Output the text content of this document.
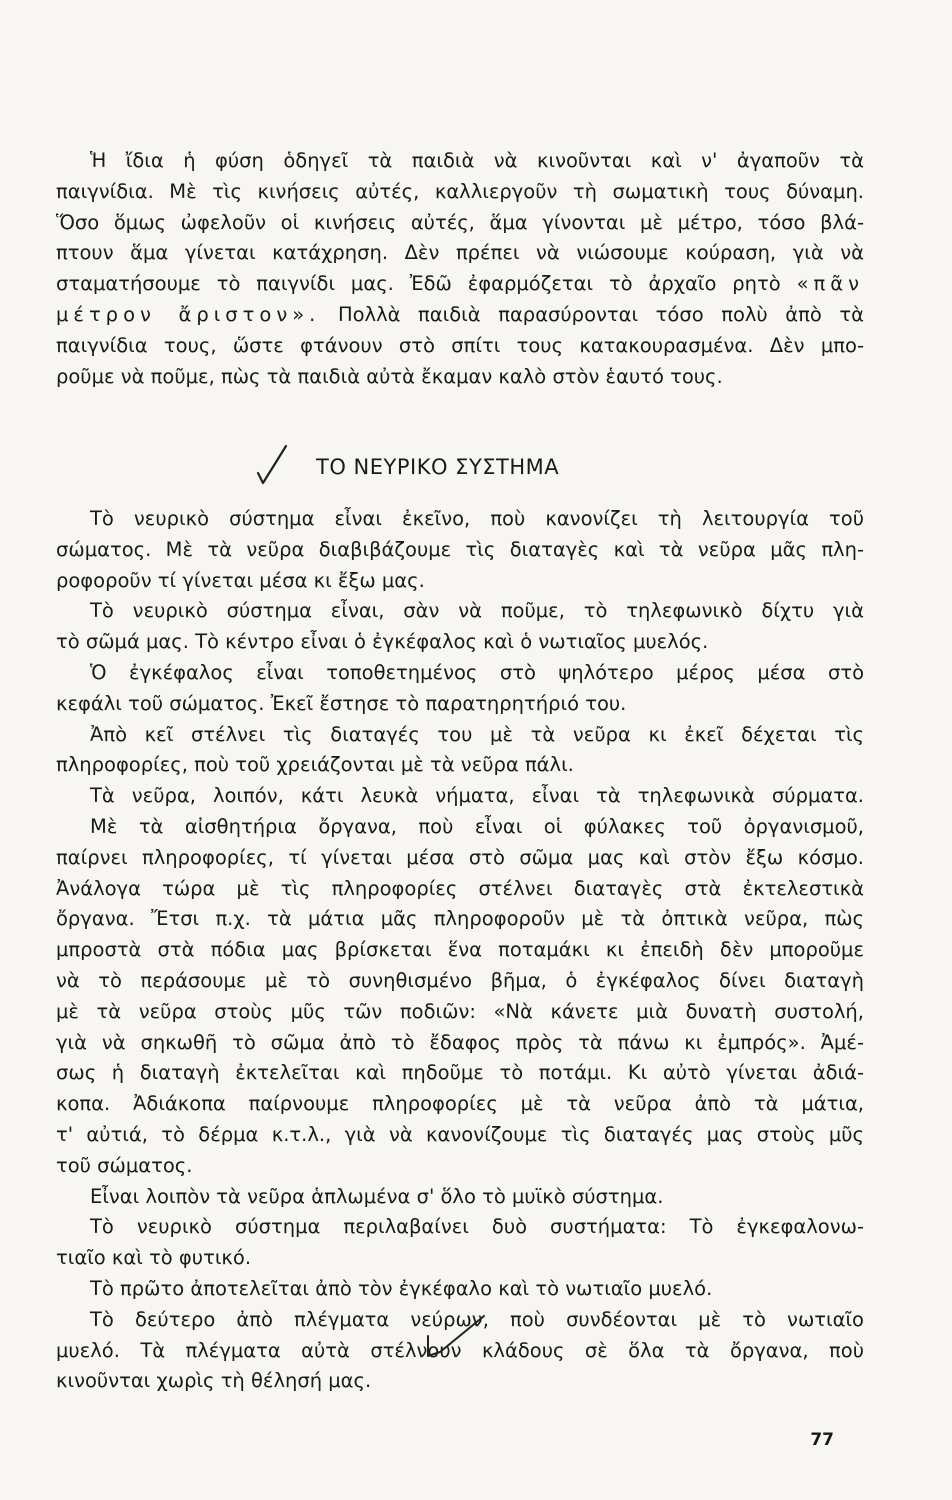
Ἡ ἴδια ἡ φύση ὁδηγεῖ τὰ παιδιὰ νὰ κινοῦνται καὶ ν' ἀγαποῦν τὰ
παιγνίδια. Μὲ τὶς κινήσεις αὐτές, καλλιεργοῦν τὴ σωματικὴ τους δύναμη.
Ὅσο ὅμως ὠφελοῦν οἱ κινήσεις αὐτές, ἅμα γίνονται μὲ μέτρο, τόσο βλά-
πτουν ἅμα γίνεται κατάχρηση. Δὲν πρέπει νὰ νιώσουμε κούραση, γιὰ νὰ
σταματήσουμε τὸ παιγνίδι μας. Ἐδῶ ἐφαρμόζεται τὸ ἀρχαῖο ρητὸ «πᾶν
μέτρον ἄριστον». Πολλὰ παιδιὰ παρασύρονται τόσο πολὺ ἀπὸ τὰ
παιγνίδια τους, ὥστε φτάνουν στὸ σπίτι τους κατακουρασμένα. Δὲν μπο-
ροῦμε νὰ ποῦμε, πὼς τὰ παιδιὰ αὐτὰ ἔκαμαν καλὸ στὸν ἑαυτό τους.
ΤΟ ΝΕΥΡΙΚΟ ΣΥΣΤΗΜΑ
Τὸ νευρικὸ σύστημα εἶναι ἐκεῖνο, ποὺ κανονίζει τὴ λειτουργία τοῦ
σώματος. Μὲ τὰ νεῦρα διαβιβάζουμε τὶς διαταγὲς καὶ τὰ νεῦρα μᾶς πλη-
ροφοροῦν τί γίνεται μέσα κι ἔξω μας.
Τὸ νευρικὸ σύστημα εἶναι, σὰν νὰ ποῦμε, τὸ τηλεφωνικὸ δίχτυ γιὰ
τὸ σῶμά μας. Τὸ κέντρο εἶναι ὁ ἐγκέφαλος καὶ ὁ νωτιαῖος μυελός.
Ὁ ἐγκέφαλος εἶναι τοποθετημένος στὸ ψηλότερο μέρος μέσα στὸ
κεφάλι τοῦ σώματος. Ἐκεῖ ἔστησε τὸ παρατηρητήριό του.
Ἀπὸ κεῖ στέλνει τὶς διαταγές του μὲ τὰ νεῦρα κι ἐκεῖ δέχεται τὶς
πληροφορίες, ποὺ τοῦ χρειάζονται μὲ τὰ νεῦρα πάλι.
Τὰ νεῦρα, λοιπόν, κάτι λευκὰ νήματα, εἶναι τὰ τηλεφωνικὰ σύρματα.
Μὲ τὰ αἰσθητήρια ὄργανα, ποὺ εἶναι οἱ φύλακες τοῦ ὀργανισμοῦ,
παίρνει πληροφορίες, τί γίνεται μέσα στὸ σῶμα μας καὶ στὸν ἔξω κόσμο.
Ἀνάλογα τώρα μὲ τὶς πληροφορίες στέλνει διαταγὲς στὰ ἐκτελεστικὰ
ὄργανα. Ἔτσι π.χ. τὰ μάτια μᾶς πληροφοροῦν μὲ τὰ ὀπτικὰ νεῦρα, πὼς
μπροστὰ στὰ πόδια μας βρίσκεται ἕνα ποταμάκι κι ἐπειδὴ δὲν μποροῦμε
νὰ τὸ περάσουμε μὲ τὸ συνηθισμένο βῆμα, ὁ ἐγκέφαλος δίνει διαταγὴ
μὲ τὰ νεῦρα στοὺς μῦς τῶν ποδιῶν: «Νὰ κάνετε μιὰ δυνατὴ συστολή,
γιὰ νὰ σηκωθῆ τὸ σῶμα ἀπὸ τὸ ἔδαφος πρὸς τὰ πάνω κι ἐμπρός». Ἀμέ-
σως ἡ διαταγὴ ἐκτελεῖται καὶ πηδοῦμε τὸ ποτάμι. Κι αὐτὸ γίνεται ἀδιά-
κοπα. Ἀδιάκοπα παίρνουμε πληροφορίες μὲ τὰ νεῦρα ἀπὸ τὰ μάτια,
τ' αὐτιά, τὸ δέρμα κ.τ.λ., γιὰ νὰ κανονίζουμε τὶς διαταγές μας στοὺς μῦς
τοῦ σώματος.
Εἶναι λοιπὸν τὰ νεῦρα ἁπλωμένα σ' ὅλο τὸ μυϊκὸ σύστημα.
Τὸ νευρικὸ σύστημα περιλαβαίνει δυὸ συστήματα: Τὸ ἐγκεφαλονω-
τιαῖο καὶ τὸ φυτικό.
Τὸ πρῶτο ἀποτελεῖται ἀπὸ τὸν ἐγκέφαλο καὶ τὸ νωτιαῖο μυελό.
Τὸ δεύτερο ἀπὸ πλέγματα νεύρων, ποὺ συνδέονται μὲ τὸ νωτιαῖο
μυελό. Τὰ πλέγματα αὐτὰ στέλνουν κλάδους σὲ ὅλα τὰ ὄργανα, ποὺ
κινοῦνται χωρὶς τὴ θέλησή μας.
77
